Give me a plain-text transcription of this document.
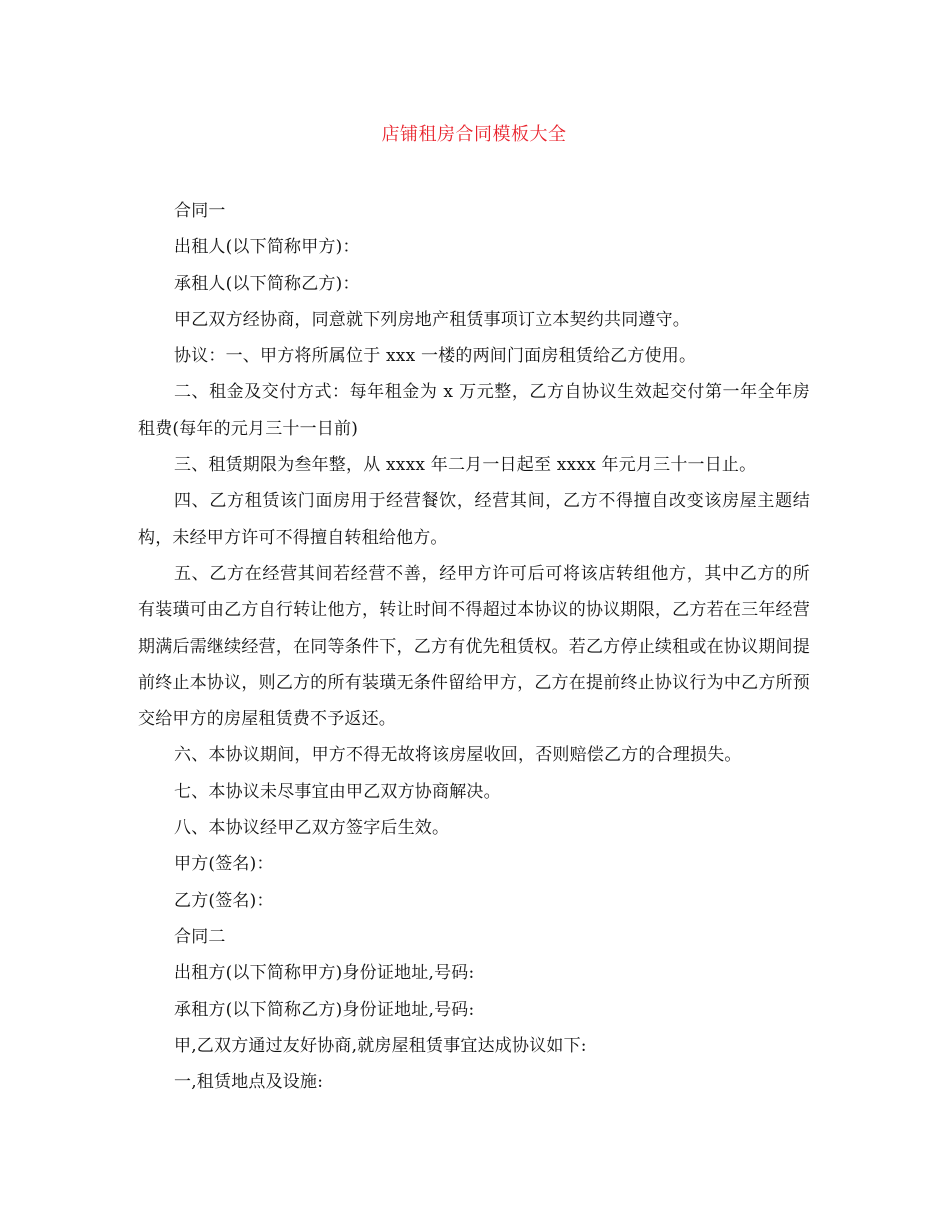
店铺租房合同模板大全

合同一

出租人(以下简称甲方)：

承租人(以下简称乙方)：

甲乙双方经协商，同意就下列房地产租赁事项订立本契约共同遵守。

协议：一、甲方将所属位于 xxx 一楼的两间门面房租赁给乙方使用。

二、租金及交付方式：每年租金为 x 万元整，乙方自协议生效起交付第一年全年房租费(每年的元月三十一日前)

三、租赁期限为叁年整，从 xxxx 年二月一日起至 xxxx 年元月三十一日止。

四、乙方租赁该门面房用于经营餐饮，经营其间，乙方不得擅自改变该房屋主题结构，未经甲方许可不得擅自转租给他方。

五、乙方在经营其间若经营不善，经甲方许可后可将该店转组他方，其中乙方的所有装璜可由乙方自行转让他方，转让时间不得超过本协议的协议期限，乙方若在三年经营期满后需继续经营，在同等条件下，乙方有优先租赁权。若乙方停止续租或在协议期间提前终止本协议，则乙方的所有装璜无条件留给甲方，乙方在提前终止协议行为中乙方所预交给甲方的房屋租赁费不予返还。

六、本协议期间，甲方不得无故将该房屋收回，否则赔偿乙方的合理损失。

七、本协议未尽事宜由甲乙双方协商解决。

八、本协议经甲乙双方签字后生效。

甲方(签名)：

乙方(签名)：

合同二

出租方(以下简称甲方)身份证地址,号码:

承租方(以下简称乙方)身份证地址,号码:

甲,乙双方通过友好协商,就房屋租赁事宜达成协议如下:

一,租赁地点及设施:
